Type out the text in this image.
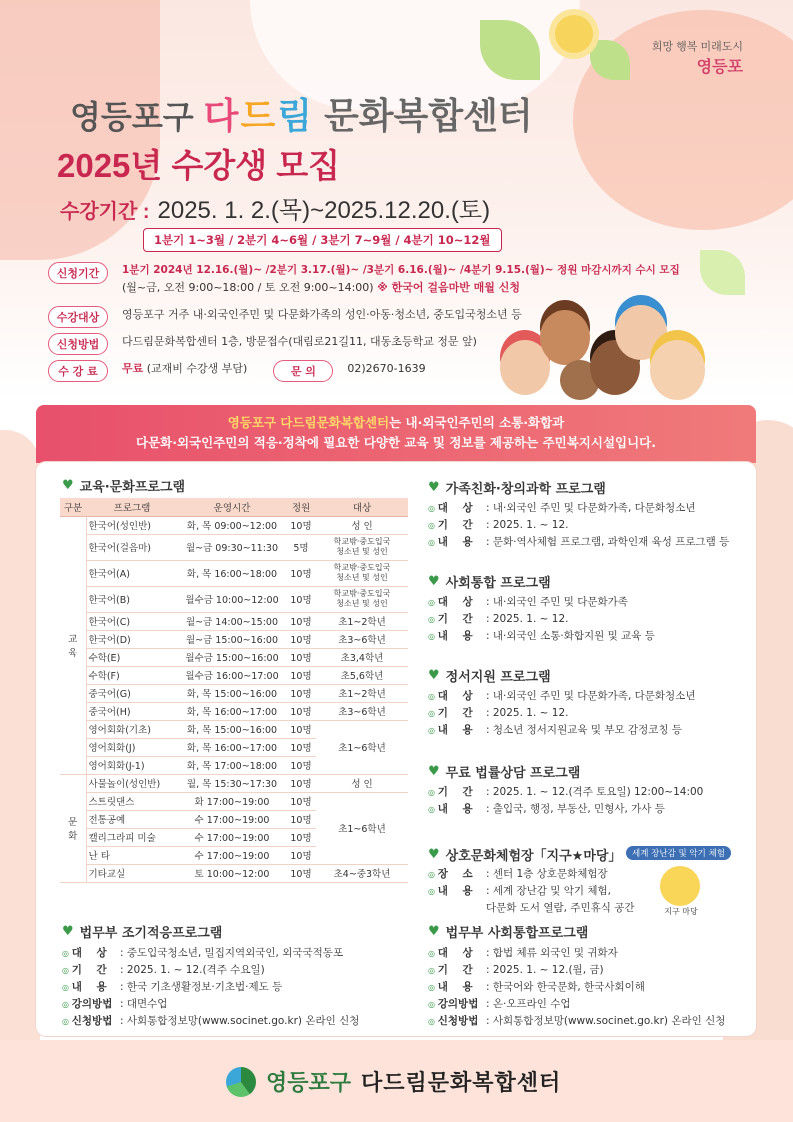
희망 행복 미래도시
영등포
영등포구 다드림 문화복합센터
2025년 수강생 모집
수강기간 : 2025. 1. 2.(목)~2025.12.20.(토)
1분기 1~3월 / 2분기 4~6월 / 3분기 7~9월 / 4분기 10~12월
신청기간	1분기 2024년 12.16.(월)~ /2분기 3.17.(월)~ /3분기 6.16.(월)~ /4분기 9.15.(월)~ 정원 마감시까지 수시 모집
(월~금, 오전 9:00~18:00 / 토 오전 9:00~14:00) ※ 한국어 걸음마반 매월 신청
수강대상	영등포구 거주 내·외국인주민 및 다문화가족의 성인·아동·청소년, 중도입국청소년 등
신청방법	다드림문화복합센터 1층, 방문접수(대림로21길11, 대동초등학교 정문 앞)
수 강 료	무료 (교재비 수강생 부담)	문 의	02)2670-1639
영등포구 다드림문화복합센터는 내·외국인주민의 소통·화합과
다문화·외국인주민의 적응·정착에 필요한 다양한 교육 및 정보를 제공하는 주민복지시설입니다.
♥ 교육·문화프로그램
구분	프로그램	운영시간	정원	대상
교
육	한국어(성인반)	화, 목 09:00~12:00	10명	성 인
	한국어(걸음마)	월~금 09:30~11:30	5명	학교밖·중도입국
청소년 및 성인
	한국어(A)	화, 목 16:00~18:00	10명	학교밖·중도입국
청소년 및 성인
	한국어(B)	월수금 10:00~12:00	10명	학교밖·중도입국
청소년 및 성인
	한국어(C)	월~금 14:00~15:00	10명	초1~2학년
	한국어(D)	월~금 15:00~16:00	10명	초3~6학년
	수학(E)	월수금 15:00~16:00	10명	초3,4학년
	수학(F)	월수금 16:00~17:00	10명	초5,6학년
	중국어(G)	화, 목 15:00~16:00	10명	초1~2학년
	중국어(H)	화, 목 16:00~17:00	10명	초3~6학년
	영어회화(기초)	화, 목 15:00~16:00	10명	초1~6학년
	영어회화(J)	화, 목 16:00~17:00	10명	
	영어회화(J-1)	화, 목 17:00~18:00	10명	
문
화	사물놀이(성인반)	월, 목 15:30~17:30	10명	성 인
	스트릿댄스	화 17:00~19:00	10명	초1~6학년
	전통공예	수 17:00~19:00	10명	
	캘리그라피 미술	수 17:00~19:00	10명	
	난 타	수 17:00~19:00	10명	
	기타교실	토 10:00~12:00	10명	초4~중3학년
♥ 가족친화·창의과학 프로그램
◎ 대    상	: 내·외국인 주민 및 다문화가족, 다문화청소년
◎ 기    간	: 2025. 1. ~ 12.
◎ 내    용	: 문화·역사체험 프로그램, 과학인재 육성 프로그램 등
♥ 사회통합 프로그램
◎ 대    상	: 내·외국인 주민 및 다문화가족
◎ 기    간	: 2025. 1. ~ 12.
◎ 내    용	: 내·외국인 소통·화합지원 및 교육 등
♥ 정서지원 프로그램
◎ 대    상	: 내·외국인 주민 및 다문화가족, 다문화청소년
◎ 기    간	: 2025. 1. ~ 12.
◎ 내    용	: 청소년 정서지원교육 및 부모 감정코칭 등
♥ 무료 법률상담 프로그램
◎ 기    간	: 2025. 1. ~ 12.(격주 토요일) 12:00~14:00
◎ 내    용	: 출입국, 행정, 부동산, 민형사, 가사 등
♥ 상호문화체험장「지구★마당」	세계 장난감 및 악기 체험
◎ 장    소	: 센터 1층 상호문화체험장
◎ 내    용	: 세계 장난감 및 악기 체험,
다문화 도서 열람, 주민휴식 공간	지구 마당
♥ 법무부 조기적응프로그램
◎ 대    상	: 중도입국청소년, 밀집지역외국인, 외국국적동포
◎ 기    간	: 2025. 1. ~ 12.(격주 수요일)
◎ 내    용	: 한국 기초생활정보·기초법·제도 등
◎ 강의방법 : 대면수업
◎ 신청방법 : 사회통합정보망(www.socinet.go.kr) 온라인 신청
♥ 법무부 사회통합프로그램
◎ 대    상	: 합법 체류 외국인 및 귀화자
◎ 기    간	: 2025. 1. ~ 12.(월, 금)
◎ 내    용	: 한국어와 한국문화, 한국사회이해
◎ 강의방법 : 온·오프라인 수업
◎ 신청방법 : 사회통합정보망(www.socinet.go.kr) 온라인 신청
영등포구 다드림문화복합센터
